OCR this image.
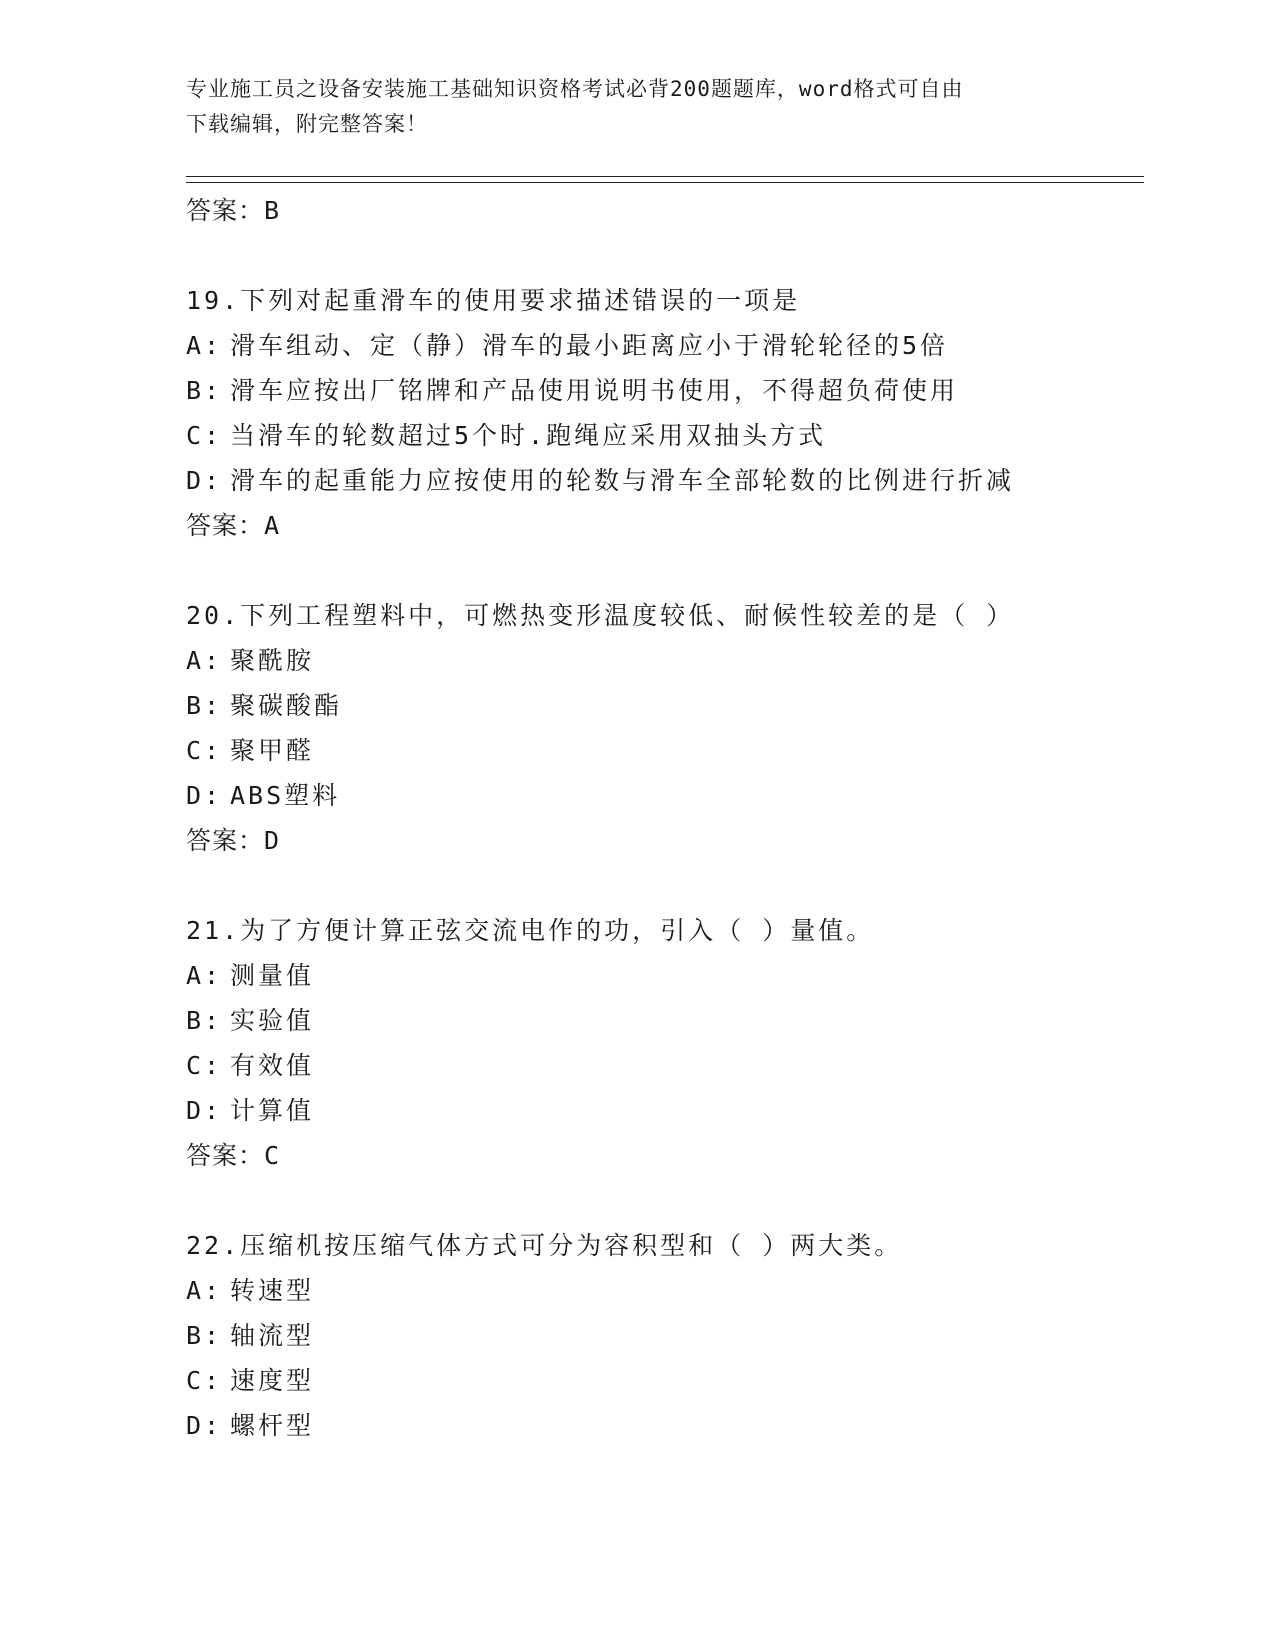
专业施工员之设备安装施工基础知识资格考试必背200题题库，word格式可自由
下载编辑，附完整答案！
答案：B
19.下列对起重滑车的使用要求描述错误的一项是
A: 滑车组动、定（静）滑车的最小距离应小于滑轮轮径的5倍
B: 滑车应按出厂铭牌和产品使用说明书使用，不得超负荷使用
C: 当滑车的轮数超过5个时.跑绳应采用双抽头方式
D: 滑车的起重能力应按使用的轮数与滑车全部轮数的比例进行折减
答案：A
20.下列工程塑料中，可燃热变形温度较低、耐候性较差的是（ ）
A: 聚酰胺
B: 聚碳酸酯
C: 聚甲醛
D: ABS塑料
答案：D
21.为了方便计算正弦交流电作的功，引入（ ）量值。
A: 测量值
B: 实验值
C: 有效值
D: 计算值
答案：C
22.压缩机按压缩气体方式可分为容积型和（ ）两大类。
A: 转速型
B: 轴流型
C: 速度型
D: 螺杆型
